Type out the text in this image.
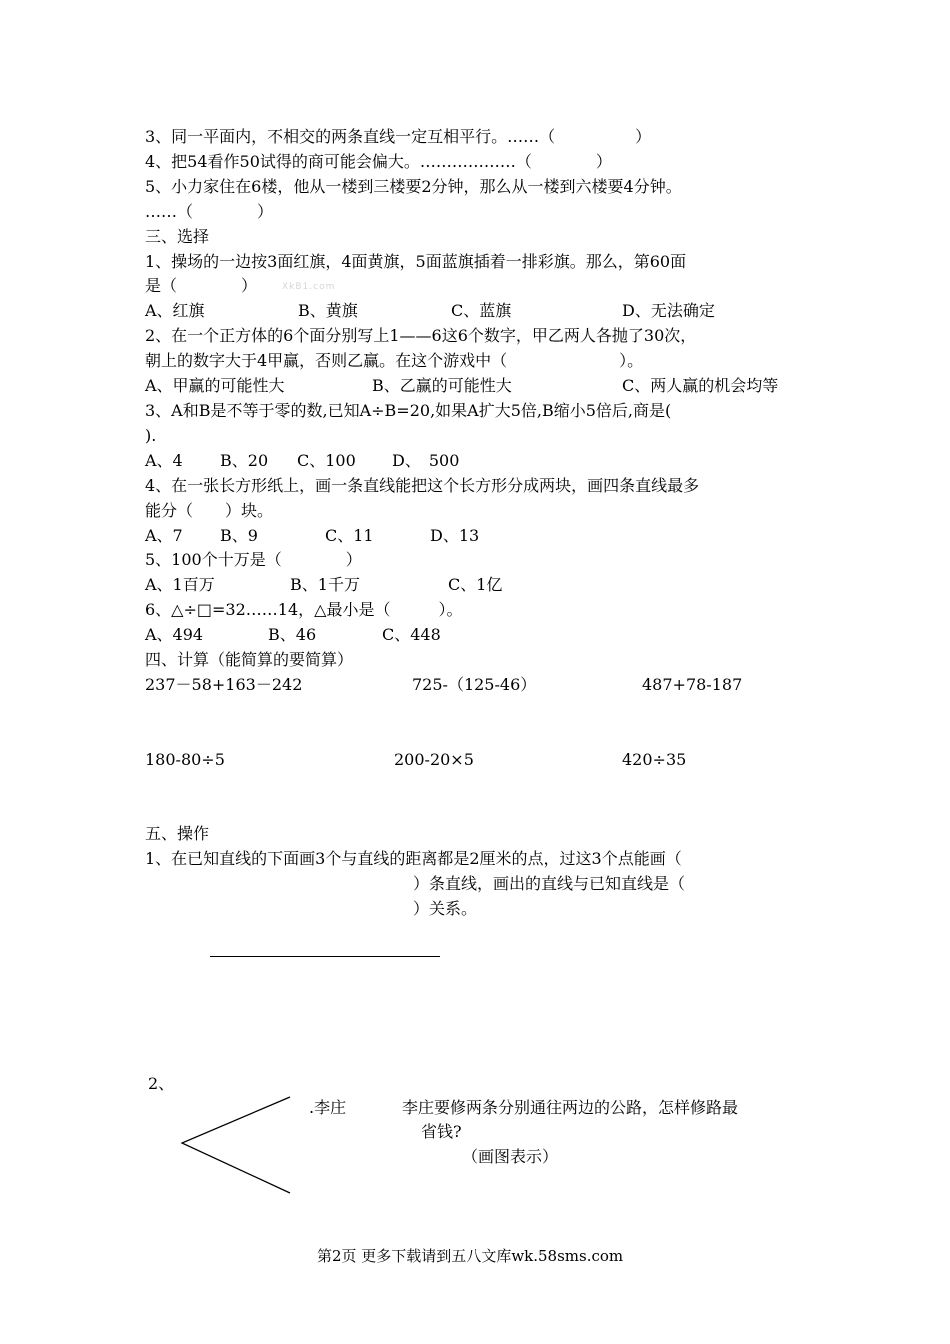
3、同一平面内，不相交的两条直线一定互相平行。……（　　　　　）
4、把54看作50试得的商可能会偏大。………………（　　　　）
5、小力家住在6楼，他从一楼到三楼要2分钟，那么从一楼到六楼要4分钟。
……（　　　　）
三、选择
1、操场的一边按3面红旗，4面黄旗，5面蓝旗插着一排彩旗。那么，第60面
是（　　　　）	XkB1.com
A、红旗	B、黄旗	C、蓝旗	D、无法确定
2、在一个正方体的6个面分别写上1——6这6个数字，甲乙两人各抛了30次，
朝上的数字大于4甲赢，否则乙赢。在这个游戏中（　　　　　　　）。
A、甲赢的可能性大	B、乙赢的可能性大	C、两人赢的机会均等
3、A和B是不等于零的数,已知A÷B=20,如果A扩大5倍,B缩小5倍后,商是(
).
A、4 B、20 C、100 D、　500
4、在一张长方形纸上，画一条直线能把这个长方形分成两块，画四条直线最多
能分（　　）块。
A、7 B、9	C、11	D、13
5、100个十万是（　　　　）
A、1百万	B、1千万	C、1亿
6、△÷□=32……14，△最小是（　　　）。
A、494	B、46	C、448
四、计算（能简算的要简算）
237－58+163－242	725-（125-46）	487+78-187
180-80÷5	200-20×5	420÷35
五、操作
1、在已知直线的下面画3个与直线的距离都是2厘米的点，过这3个点能画（
）条直线，画出的直线与已知直线是（
）关系。
2、
.李庄	李庄要修两条分别通往两边的公路，怎样修路最
省钱?
（画图表示）
第2页 更多下载请到五八文库wk.58sms.com
